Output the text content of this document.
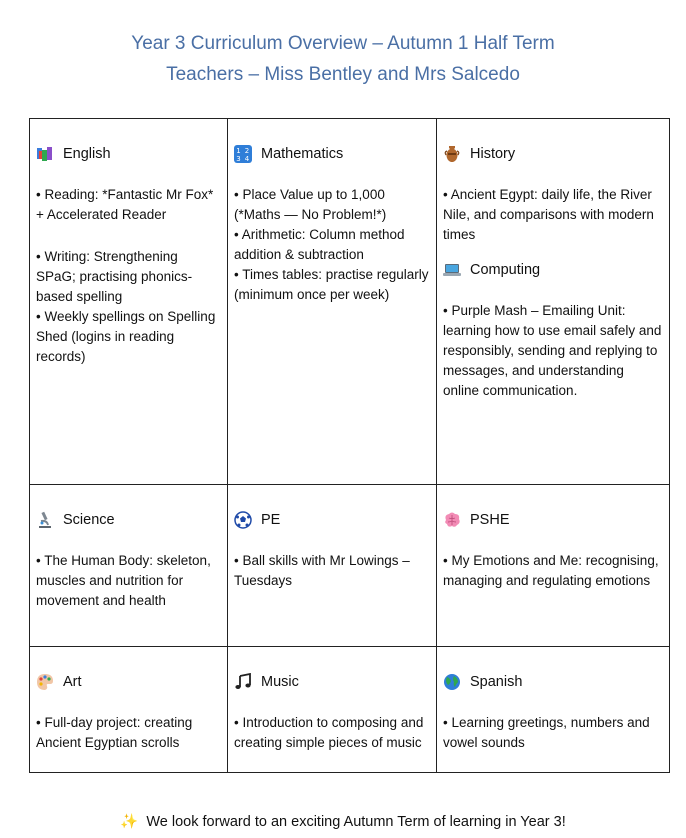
Year 3 Curriculum Overview – Autumn 1 Half Term
Teachers – Miss Bentley and Mrs Salcedo
English

• Reading: *Fantastic Mr Fox* + Accelerated Reader

• Writing: Strengthening SPaG; practising phonics-based spelling

• Weekly spellings on Spelling Shed (logins in reading records)

1 2
3 4 Mathematics

• Place Value up to 1,000 (*Maths — No Problem!*)

• Arithmetic: Column method addition & subtraction

• Times tables: practise regularly (minimum once per week)

History

• Ancient Egypt: daily life, the River Nile, and comparisons with modern times

Computing

• Purple Mash – Emailing Unit: learning how to use email safely and responsibly, sending and replying to messages, and understanding online communication.

Science

• The Human Body: skeleton, muscles and nutrition for movement and health

PE

• Ball skills with Mr Lowings – Tuesdays

PSHE

• My Emotions and Me: recognising, managing and regulating emotions

Art

• Full-day project: creating Ancient Egyptian scrolls

Music

• Introduction to composing and creating simple pieces of music

Spanish

• Learning greetings, numbers and vowel sounds

✨ We look forward to an exciting Autumn Term of learning in Year 3!
